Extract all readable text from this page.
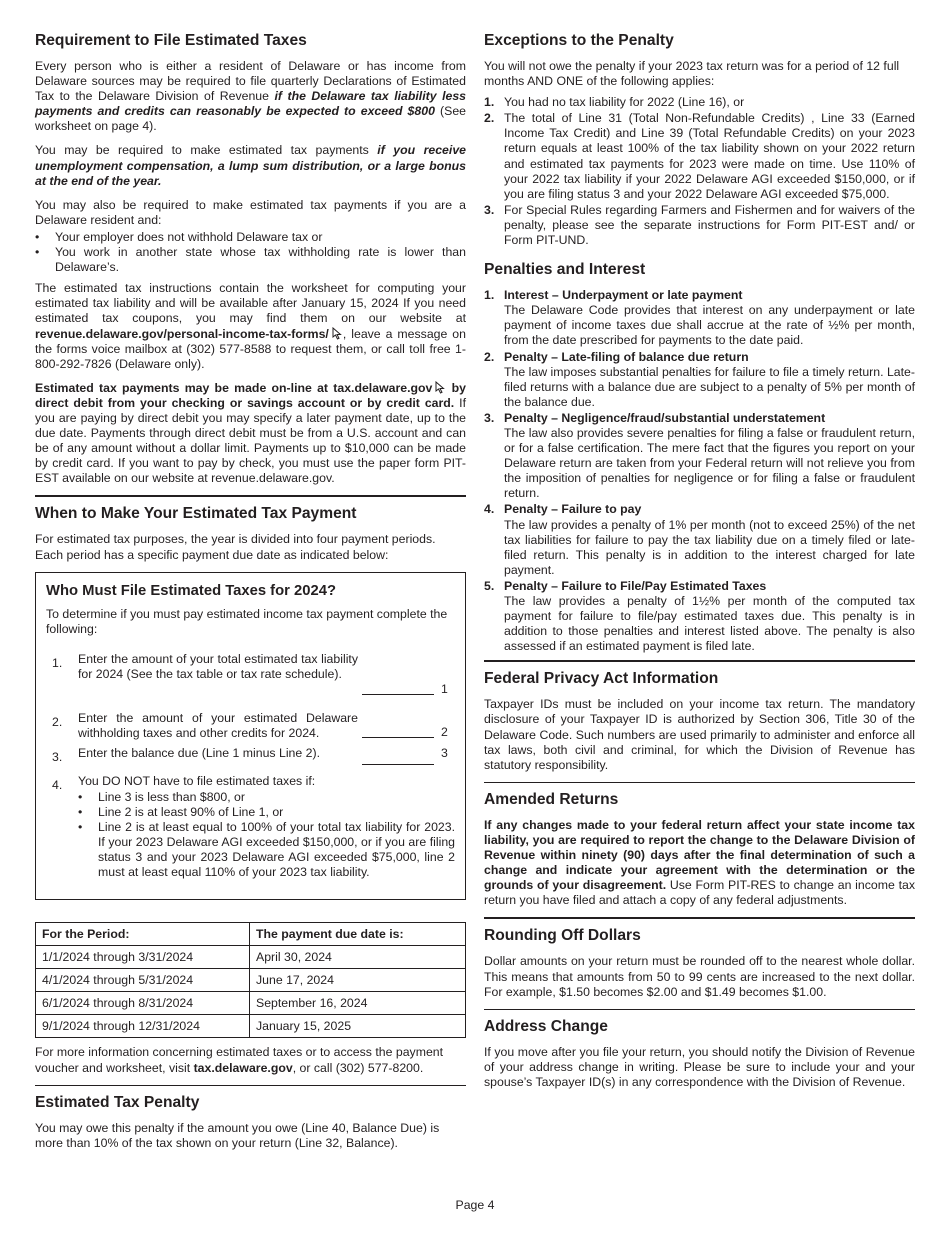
Requirement to File Estimated Taxes

Every person who is either a resident of Delaware or has income from Delaware sources may be required to file quarterly Declarations of Estimated Tax to the Delaware Division of Revenue if the Delaware tax liability less payments and credits can reasonably be expected to exceed $800 (See worksheet on page 4).

You may be required to make estimated tax payments if you receive unemployment compensation, a lump sum distribution, or a large bonus at the end of the year.

You may also be required to make estimated tax payments if you are a Delaware resident and:

• Your employer does not withhold Delaware tax or
• You work in another state whose tax withholding rate is lower than Delaware’s.

The estimated tax instructions contain the worksheet for computing your estimated tax liability and will be available after January 15, 2024 If you need estimated tax coupons, you may find them on our website at revenue.delaware.gov/personal-income-tax-forms/ , leave a message on the forms voice mailbox at (302) 577-8588 to request them, or call toll free 1-800-292-7826 (Delaware only).

Estimated tax payments may be made on-line at tax.delaware.gov by direct debit from your checking or savings account or by credit card. If you are paying by direct debit you may specify a later payment date, up to the due date. Payments through direct debit must be from a U.S. account and can be of any amount without a dollar limit. Payments up to $10,000 can be made by credit card. If you want to pay by check, you must use the paper form PIT-EST available on our website at revenue.delaware.gov.

When to Make Your Estimated Tax Payment

For estimated tax purposes, the year is divided into four payment periods. Each period has a specific payment due date as indicated below:

Who Must File Estimated Taxes for 2024?

To determine if you must pay estimated income tax payment complete the following:

1.	Enter the amount of your total estimated tax liability for 2024 (See the tax table or tax rate schedule).
1
2.	Enter the amount of your estimated Delaware withholding taxes and other credits for 2024.	2
3.	Enter the balance due (Line 1 minus Line 2).	3
4.	You DO NOT have to file estimated taxes if:
• Line 3 is less than $800, or
• Line 2 is at least 90% of Line 1, or
• Line 2 is at least equal to 100% of your total tax liability for 2023. If your 2023 Delaware AGI exceeded $150,000, or if you are filing status 3 and your 2023 Delaware AGI exceeded $75,000, line 2 must at least equal 110% of your 2023 tax liability.
For the Period:	The payment due date is:
1/1/2024 through 3/31/2024	April 30, 2024
4/1/2024 through 5/31/2024	June 17, 2024
6/1/2024 through 8/31/2024	September 16, 2024
9/1/2024 through 12/31/2024	January 15, 2025

For more information concerning estimated taxes or to access the payment voucher and worksheet, visit tax.delaware.gov, or call (302) 577-8200.

Estimated Tax Penalty

You may owe this penalty if the amount you owe (Line 40, Balance Due) is more than 10% of the tax shown on your return (Line 32, Balance).

Exceptions to the Penalty

You will not owe the penalty if your 2023 tax return was for a period of 12 full months AND ONE of the following applies:

1. You had no tax liability for 2022 (Line 16), or
2. The total of Line 31 (Total Non-Refundable Credits) , Line 33 (Earned Income Tax Credit) and Line 39 (Total Refundable Credits) on your 2023 return equals at least 100% of the tax liability shown on your 2022 return and estimated tax payments for 2023 were made on time. Use 110% of your 2022 tax liability if your 2022 Delaware AGI exceeded $150,000, or if you are filing status 3 and your 2022 Delaware AGI exceeded $75,000.
3. For Special Rules regarding Farmers and Fishermen and for waivers of the penalty, please see the separate instructions for Form PIT-EST and/ or Form PIT-UND.
Penalties and Interest
1. Interest – Underpayment or late payment
The Delaware Code provides that interest on any underpayment or late payment of income taxes due shall accrue at the rate of ½% per month, from the date prescribed for payments to the date paid.
2. Penalty – Late-filing of balance due return
The law imposes substantial penalties for failure to file a timely return. Late-filed returns with a balance due are subject to a penalty of 5% per month of the balance due.
3. Penalty – Negligence/fraud/substantial understatement
The law also provides severe penalties for filing a false or fraudulent return, or for a false certification. The mere fact that the figures you report on your Delaware return are taken from your Federal return will not relieve you from the imposition of penalties for negligence or for filing a false or fraudulent return.
4. Penalty – Failure to pay
The law provides a penalty of 1% per month (not to exceed 25%) of the net tax liabilities for failure to pay the tax liability due on a timely filed or late-filed return. This penalty is in addition to the interest charged for late payment.
5. Penalty – Failure to File/Pay Estimated Taxes
The law provides a penalty of 1½% per month of the computed tax payment for failure to file/pay estimated taxes due. This penalty is in addition to those penalties and interest listed above. The penalty is also assessed if an estimated payment is filed late.
Federal Privacy Act Information

Taxpayer IDs must be included on your income tax return. The mandatory disclosure of your Taxpayer ID is authorized by Section 306, Title 30 of the Delaware Code. Such numbers are used primarily to administer and enforce all tax laws, both civil and criminal, for which the Division of Revenue has statutory responsibility.

Amended Returns

If any changes made to your federal return affect your state income tax liability, you are required to report the change to the Delaware Division of Revenue within ninety (90) days after the final determination of such a change and indicate your agreement with the determination or the grounds of your disagreement. Use Form PIT-RES to change an income tax return you have filed and attach a copy of any federal adjustments.

Rounding Off Dollars

Dollar amounts on your return must be rounded off to the nearest whole dollar. This means that amounts from 50 to 99 cents are increased to the next dollar. For example, $1.50 becomes $2.00 and $1.49 becomes $1.00.

Address Change

If you move after you file your return, you should notify the Division of Revenue of your address change in writing. Please be sure to include your and your spouse’s Taxpayer ID(s) in any correspondence with the Division of Revenue.

Page 4
